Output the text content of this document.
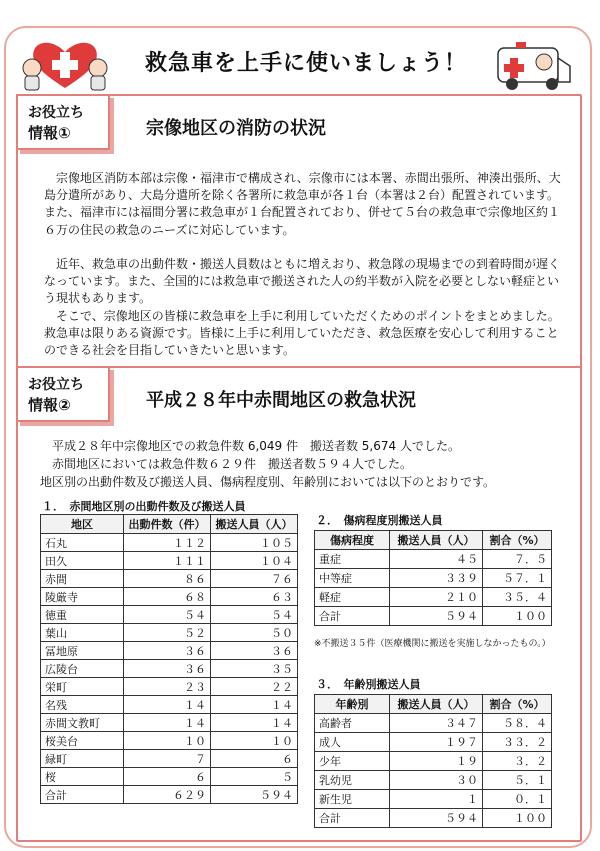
救急車を上手に使いましょう！
お役立ち
情報①	宗像地区の消防の状況
宗像地区消防本部は宗像・福津市で構成され、宗像市には本署、赤間出張所、神湊出張所、大島分遣所があり、大島分遣所を除く各署所に救急車が各１台（本署は２台）配置されています。また、福津市には福間分署に救急車が１台配置されており、併せて５台の救急車で宗像地区約１６万の住民の救急のニーズに対応しています。
近年、救急車の出動件数・搬送人員数はともに増えおり、救急隊の現場までの到着時間が遅くなっています。また、全国的には救急車で搬送された人の約半数が入院を必要としない軽症という現状もあります。
そこで、宗像地区の皆様に救急車を上手に利用していただくためのポイントをまとめました。救急車は限りある資源です。皆様に上手に利用していただき、救急医療を安心して利用することのできる社会を目指していきたいと思います。
お役立ち
情報②	平成２８年中赤間地区の救急状況
平成２８年中宗像地区での救急件数 6,049 件　搬送者数 5,674 人でした。
赤間地区においては救急件数６２９件　搬送者数５９４人でした。
地区別の出動件数及び搬送人員、傷病程度別、年齢別においては以下のとおりです。
１．　赤間地区別の出動件数及び搬送人員
地区	出動件数（件）	搬送人員（人）
石丸	１１２	１０５
田久	１１１	１０４
赤間	８６	７６
陵厳寺	６８	６３
徳重	５４	５４
葉山	５２	５０
冨地原	３６	３６
広陵台	３６	３５
栄町	２３	２２
名残	１４	１４
赤間文教町	１４	１４
桜美台	１０	１０
緑町	７	６
桜	６	５
合計	６２９	５９４
２．　傷病程度別搬送人員
傷病程度	搬送人員（人）	割合（%）
重症	４５	７．５
中等症	３３９	５７．１
軽症	２１０	３５．４
合計	５９４	１００
※不搬送３５件（医療機関に搬送を実施しなかったもの。）
３．　年齢別搬送人員
年齢別	搬送人員（人）	割合（%）
高齢者	３４７	５８．４
成人	１９７	３３．２
少年	１９	３．２
乳幼児	３０	５．１
新生児	１	０．１
合計	５９４	１００
